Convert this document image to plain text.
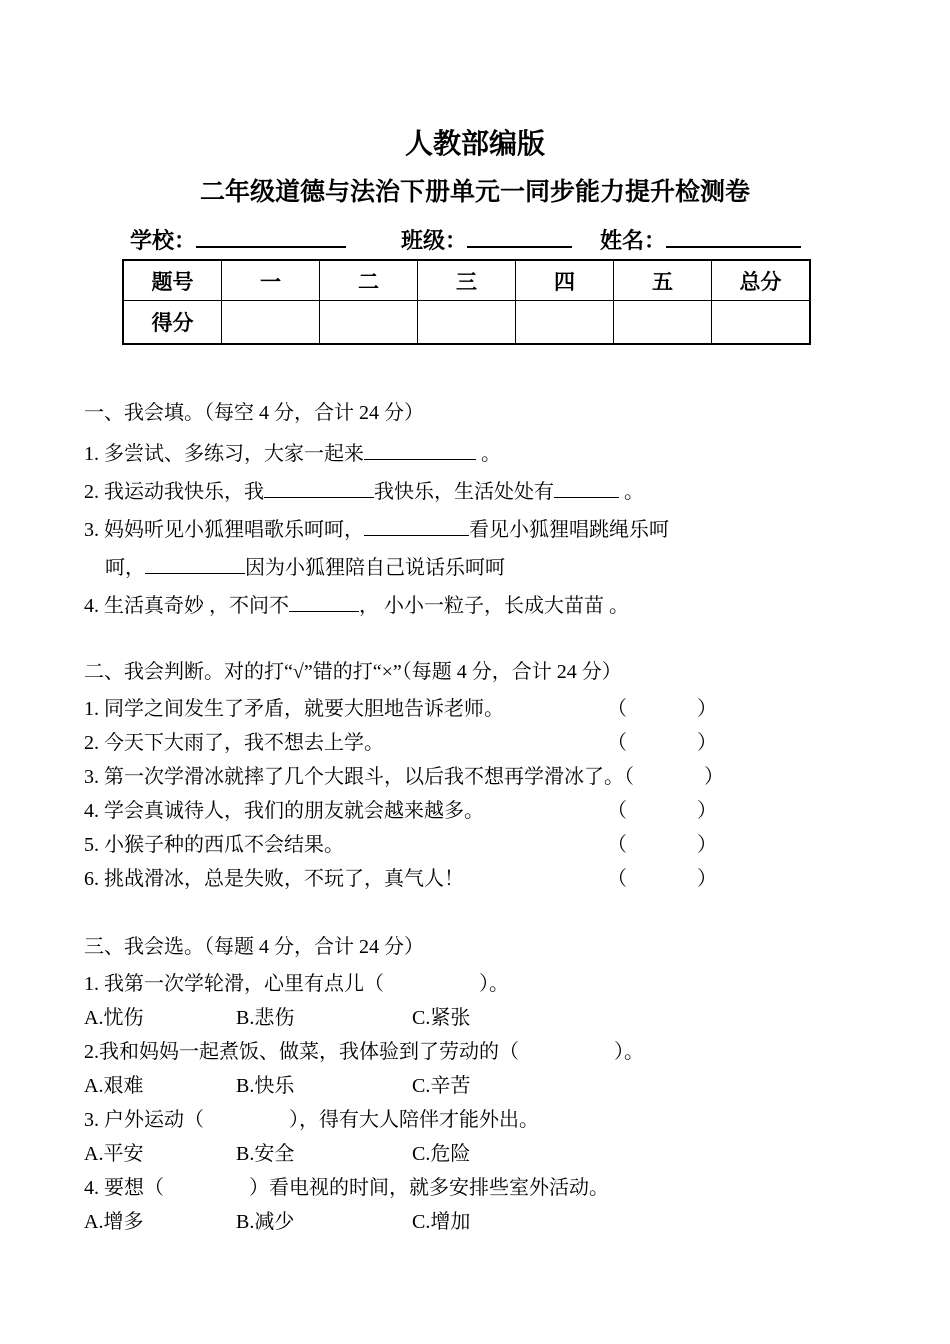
人教部编版
二年级道德与法治下册单元一同步能力提升检测卷
学校：	班级：	姓名：
题号	一	二	三	四	五	总分
得分						
一、我会填。（每空 4 分，合计 24 分）
1. 多尝试、多练习，大家一起来	。
2. 我运动我快乐，我	我快乐，生活处处有	。
3. 妈妈听见小狐狸唱歌乐呵呵，	看见小狐狸唱跳绳乐呵
呵，	因为小狐狸陪自己说话乐呵呵
4. 生活真奇妙 ，不问不	， 小小一粒子，长成大苗苗 。
二、我会判断。对的打“√”错的打“×”（每题 4 分，合计 24 分）
1. 同学之间发生了矛盾，就要大胆地告诉老师。	（	）
2. 今天下大雨了，我不想去上学。	（	）
3. 第一次学滑冰就摔了几个大跟斗，以后我不想再学滑冰了。（	）
4. 学会真诚待人，我们的朋友就会越来越多。	（	）
5. 小猴子种的西瓜不会结果。	（	）
6. 挑战滑冰，总是失败，不玩了，真气人！	（	）
三、我会选。（每题 4 分，合计 24 分）
1. 我第一次学轮滑，心里有点儿（	）。
A.忧伤	B.悲伤	C.紧张
2.我和妈妈一起煮饭、做菜，我体验到了劳动的（	）。
A.艰难	B.快乐	C.辛苦
3. 户外运动（	），得有大人陪伴才能外出。
A.平安	B.安全	C.危险
4. 要想（	）看电视的时间，就多安排些室外活动。
A.增多	B.减少	C.增加
